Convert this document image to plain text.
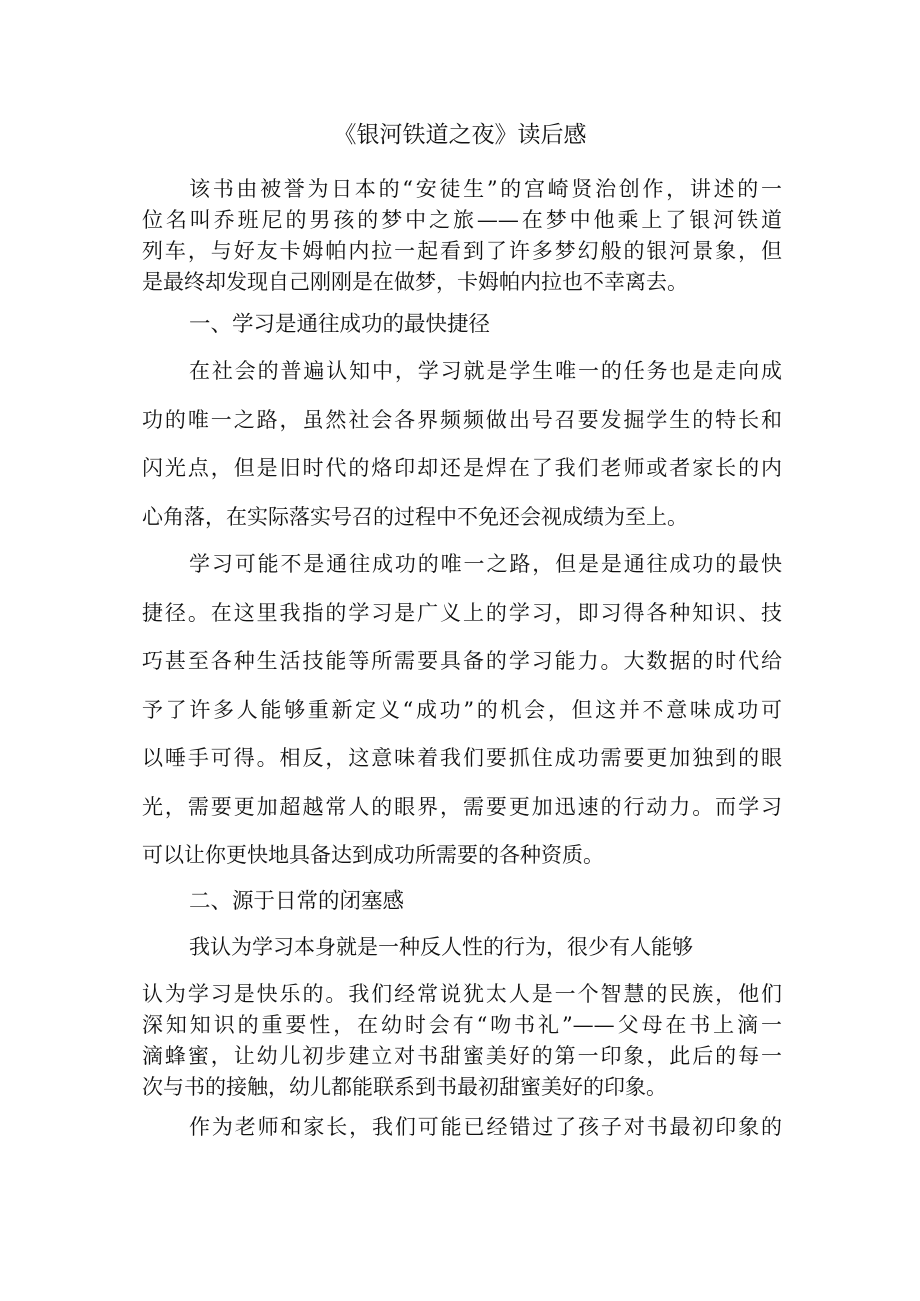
《银河铁道之夜》读后感
该书由被誉为日本的“安徒生”的宫崎贤治创作，讲述的一
位名叫乔班尼的男孩的梦中之旅——在梦中他乘上了银河铁道
列车，与好友卡姆帕内拉一起看到了许多梦幻般的银河景象，但
是最终却发现自己刚刚是在做梦，卡姆帕内拉也不幸离去。
一、学习是通往成功的最快捷径
在社会的普遍认知中，学习就是学生唯一的任务也是走向成
功的唯一之路，虽然社会各界频频做出号召要发掘学生的特长和
闪光点，但是旧时代的烙印却还是焊在了我们老师或者家长的内
心角落，在实际落实号召的过程中不免还会视成绩为至上。
学习可能不是通往成功的唯一之路，但是是通往成功的最快
捷径。在这里我指的学习是广义上的学习，即习得各种知识、技
巧甚至各种生活技能等所需要具备的学习能力。大数据的时代给
予了许多人能够重新定义“成功”的机会，但这并不意味成功可
以唾手可得。相反，这意味着我们要抓住成功需要更加独到的眼
光，需要更加超越常人的眼界，需要更加迅速的行动力。而学习
可以让你更快地具备达到成功所需要的各种资质。
二、源于日常的闭塞感
我认为学习本身就是一种反人性的行为，很少有人能够
认为学习是快乐的。我们经常说犹太人是一个智慧的民族，他们
深知知识的重要性，在幼时会有“吻书礼”——父母在书上滴一
滴蜂蜜，让幼儿初步建立对书甜蜜美好的第一印象，此后的每一
次与书的接触，幼儿都能联系到书最初甜蜜美好的印象。
作为老师和家长，我们可能已经错过了孩子对书最初印象的
